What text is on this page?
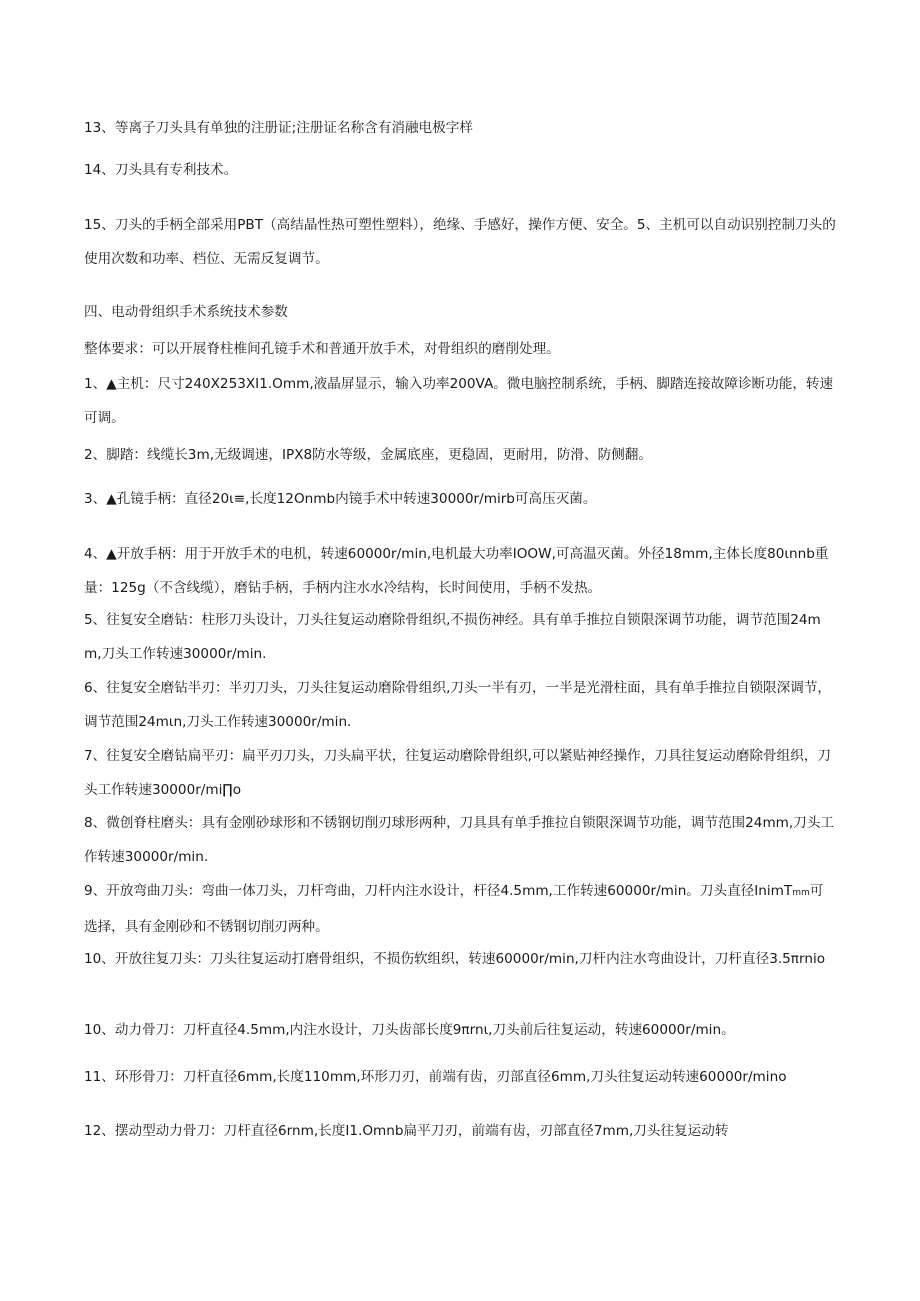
13、等离子刀头具有单独的注册证;注册证名称含有消融电极字样

14、刀头具有专利技术。

15、刀头的手柄全部采用PBT（高结晶性热可塑性塑料），绝缘、手感好，操作方便、安全。5、主机可以自动识别控制刀头的使用次数和功率、档位、无需反复调节。

四、电动骨组织手术系统技术参数

整体要求：可以开展脊柱椎间孔镜手术和普通开放手术，对骨组织的磨削处理。

1、▲主机：尺寸240X253XI1.Omm,液晶屏显示，输入功率200VA。微电脑控制系统，手柄、脚踏连接故障诊断功能，转速可调。

2、脚踏：线缆长3m,无级调速，IPX8防水等级，金属底座，更稳固，更耐用，防滑、防侧翻。

3、▲孔镜手柄：直径20ι≡,长度12Onmb内镜手术中转速30000r∕mirb可高压灭菌。

4、▲开放手柄：用于开放手术的电机，转速60000r∕min,电机最大功率IOOW,可高温灭菌。外径18mm,主体长度80ιnnb重量：125g（不含线缆），磨钻手柄，手柄内注水水冷结构，长时间使用，手柄不发热。

5、往复安全磨钻：柱形刀头设计，刀头往复运动磨除骨组织,不损伤神经。具有单手推拉自锁限深调节功能，调节范围24mm,刀头工作转速30000r∕min.

6、往复安全磨钻半刃：半刃刀头，刀头往复运动磨除骨组织,刀头一半有刃，一半是光滑柱面，具有单手推拉自锁限深调节，调节范围24mιn,刀头工作转速30000r∕min.

7、往复安全磨钻扁平刃：扁平刃刀头，刀头扁平状，往复运动磨除骨组织,可以紧贴神经操作，刀具往复运动磨除骨组织，刀头工作转速30000r∕mi∏o

8、微创脊柱磨头：具有金刚砂球形和不锈钢切削刃球形两种，刀具具有单手推拉自锁限深调节功能，调节范围24mm,刀头工作转速30000r∕min.

9、开放弯曲刀头：弯曲一体刀头，刀杆弯曲，刀杆内注水设计，杆径4.5mm,工作转速60000r/min。刀头直径InimTmm可选择，具有金刚砂和不锈钢切削刃两种。

10、开放往复刀头：刀头往复运动打磨骨组织，不损伤软组织，转速60000r∕min,刀杆内注水弯曲设计，刀杆直径3.5πrnio

10、动力骨刀：刀杆直径4.5mm,内注水设计，刀头齿部长度9πrnι,刀头前后往复运动，转速60000r∕min。

11、环形骨刀：刀杆直径6mm,长度110mm,环形刀刃，前端有齿，刃部直径6mm,刀头往复运动转速60000r∕mino

12、摆动型动力骨刀：刀杆直径6rnm,长度I1.Omnb扁平刀刃，前端有齿，刃部直径7mm,刀头往复运动转
